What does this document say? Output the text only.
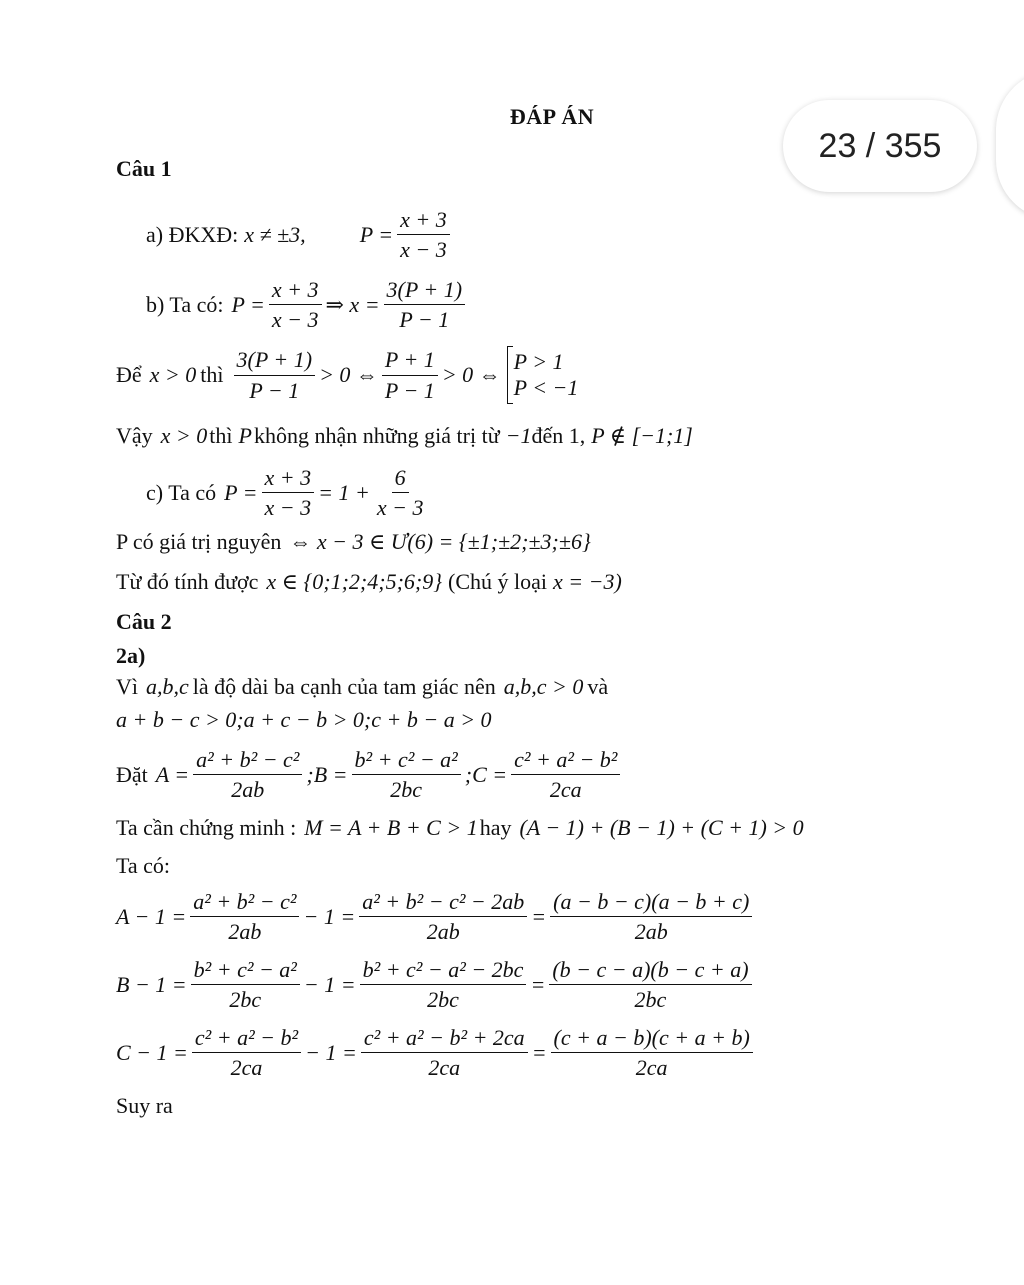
ĐÁP ÁN
23 / 355
Câu 1
a) ĐKXĐ: x ≠ ±3, $P = \frac{x + 3}{x - 3}$
b) Ta có: $P = \frac{x + 3}{x - 3}$ ⇒ $x = \frac{3(P + 1)}{P - 1}$
Để x > 0 thì $\frac{3(P + 1)}{P - 1} > 0$ ⇔ $\frac{P + 1}{P - 1} > 0$ ⇔
P > 1
P < −1
Vậy x > 0 thì P không nhận những giá trị từ −1 đến 1, P ∉ [−1;1]
c) Ta có $P = \frac{x + 3}{x - 3} = 1 + \frac{6}{x - 3}$
P có giá trị nguyên ⇔ x − 3 ∈ Ư(6) = {±1;±2;±3;±6}
Từ đó tính được x ∈ {0;1;2;4;5;6;9} (Chú ý loại x = −3)
Câu 2
2a)
Vì a,b,c là độ dài ba cạnh của tam giác nên a,b,c > 0 và
a + b − c > 0;a + c − b > 0;c + b − a > 0
Đặt $A = \frac{\text{a² + b² − c²}}{2ab}$ ;B = $\frac{\text{b² + c² − a²}}{2bc}$ ;C = $\frac{\text{c² + a² − b²}}{2ca}$
Ta cần chứng minh : M = A + B + C > 1 hay (A − 1) + (B − 1) + (C + 1) > 0
Ta có:
$A - 1 = \frac{\text{a² + b² − c²}}{2ab} - 1 = \frac{\text{a² + b² − c² − 2ab}}{2ab} = \frac{(a - b - c)(a - b + c)}{2ab}$
$B - 1 = \frac{\text{b² + c² − a²}}{2bc} - 1 = \frac{\text{b² + c² − a² − 2bc}}{2bc} = \frac{(b - c - a)(b - c + a)}{2bc}$
$C - 1 = \frac{\text{c² + a² − b²}}{2ca} - 1 = \frac{\text{c² + a² − b² + 2ca}}{2ca} = \frac{(c + a - b)(c + a + b)}{2ca}$
Suy ra
